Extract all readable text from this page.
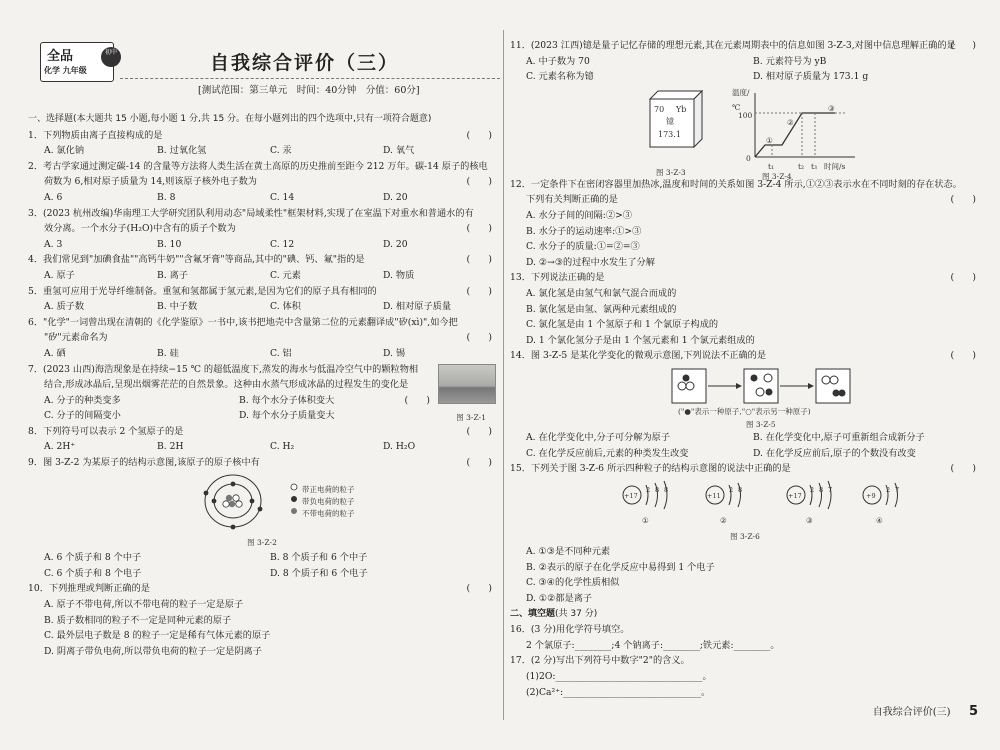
全品
化学 九年级
初中	自我综合评价（三）
[测试范围：第三单元　时间：40分钟　分值：60分]
一、选择题(本大题共 15 小题,每小题 1 分,共 15 分。在每小题列出的四个选项中,只有一项符合题意)
1．下列物质由离子直接构成的是	(　　)
A. 氯化钠	B. 过氧化氢	C. 汞	D. 氧气
2．考古学家通过测定碳-14 的含量等方法将人类生活在黄土高原的历史推前至距今 212 万年。碳-14 原子的核电
荷数为 6,相对原子质量为 14,则该原子核外电子数为	(　　)
A. 6	B. 8	C. 14	D. 20
3．(2023 杭州改编)华南理工大学研究团队利用动态"局域柔性"框架材料,实现了在室温下对重水和普通水的有
效分离。一个水分子(H₂O)中含有的质子个数为	(　　)
A. 3	B. 10	C. 12	D. 20
4．我们常见到"加碘食盐""高钙牛奶""含氟牙膏"等商品,其中的"碘、钙、氟"指的是	(　　)
A. 原子	B. 离子	C. 元素	D. 物质
5．重氢可应用于光导纤维制备。重氢和氢都属于氢元素,是因为它们的原子具有相同的	(　　)
A. 质子数	B. 中子数	C. 体积	D. 相对原子质量
6．"化学"一词曾出现在清朝的《化学鉴原》一书中,该书把地壳中含量第二位的元素翻译成"矽(xì)",如今把
"矽"元素命名为	(　　)
A. 硒	B. 硅	C. 铝	D. 锡
7．(2023 山西)海浩现象是在持续−15 ℃ 的超低温度下,蒸发的海水与低温冷空气中的颗粒物相
结合,形成冰晶后,呈现出烟雾茫茫的自然景象。这种由水蒸气形成冰晶的过程发生的变化是
(　　)
A. 分子的种类变多	B. 每个水分子体积变大
C. 分子的间隔变小	D. 每个水分子质量变大	图 3-Z-1
8．下列符号可以表示 2 个氢原子的是	(　　)
A. 2H⁺	B. 2H	C. H₂	D. H₂O
9．图 3-Z-2 为某原子的结构示意图,该原子的原子核中有	(　　)
带正电荷的粒子
带负电荷的粒子
不带电荷的粒子
图 3-Z-2
A. 6 个质子和 8 个中子	B. 8 个质子和 6 个中子
C. 6 个质子和 8 个电子	D. 8 个质子和 6 个电子
10．下列推理或判断正确的是	(　　)
A. 原子不带电荷,所以不带电荷的粒子一定是原子
B. 质子数相同的粒子不一定是同种元素的原子
C. 最外层电子数是 8 的粒子一定是稀有气体元素的原子
D. 阴离子带负电荷,所以带负电荷的粒子一定是阴离子
11．(2023 江西)镱是量子记忆存储的理想元素,其在元素周期表中的信息如图 3-Z-3,对图中信息理解正确的是
(　　)
A. 中子数为 70	B. 元素符号为 yB
C. 元素名称为镱	D. 相对原子质量为 173.1 g
70 Yb
镱
173.1
温度/℃
100
0
①
②
③
t₁	t₂ t₃ 时间/s
图 3-Z-3	图 3-Z-4
12．一定条件下在密闭容器里加热冰,温度和时间的关系如图 3-Z-4 所示,①②③表示水在不同时刻的存在状态。
下列有关判断正确的是	(　　)
A. 水分子间的间隔:②>③
B. 水分子的运动速率:①>③
C. 水分子的质量:①=②=③
D. ②→③的过程中水发生了分解
13．下列说法正确的是	(　　)
A. 氯化氢是由氢气和氯气混合而成的
B. 氯化氢是由氢、氯两种元素组成的
C. 氯化氢是由 1 个氢原子和 1 个氯原子构成的
D. 1 个氯化氢分子是由 1 个氢元素和 1 个氯元素组成的
14．图 3-Z-5 是某化学变化的微观示意图,下列说法不正确的是	(　　)
("●"表示一种原子,"○"表示另一种原子)
图 3-Z-5
A. 在化学变化中,分子可分解为原子	B. 在化学变化中,原子可重新组合成新分子
C. 在化学反应前后,元素的种类发生改变	D. 在化学反应前后,原子的个数没有改变
15．下列关于图 3-Z-6 所示四种粒子的结构示意图的说法中正确的是	(　　)
+17
2 8 8
①
+11
2 8
②
+17
2 8 7
③
+9
2 7
④
图 3-Z-6
A. ①③是不同种元素
B. ②表示的原子在化学反应中易得到 1 个电子
C. ③④的化学性质相似
D. ①②都是离子
二、填空题(共 37 分)
16．(3 分)用化学符号填空。
2 个氯原子:________;4 个钠离子:________;铁元素:________。
17．(2 分)写出下列符号中数字"2"的含义。
(1)2O:________________________________。
(2)Ca²⁺:______________________________。
自我综合评价(三) 5
